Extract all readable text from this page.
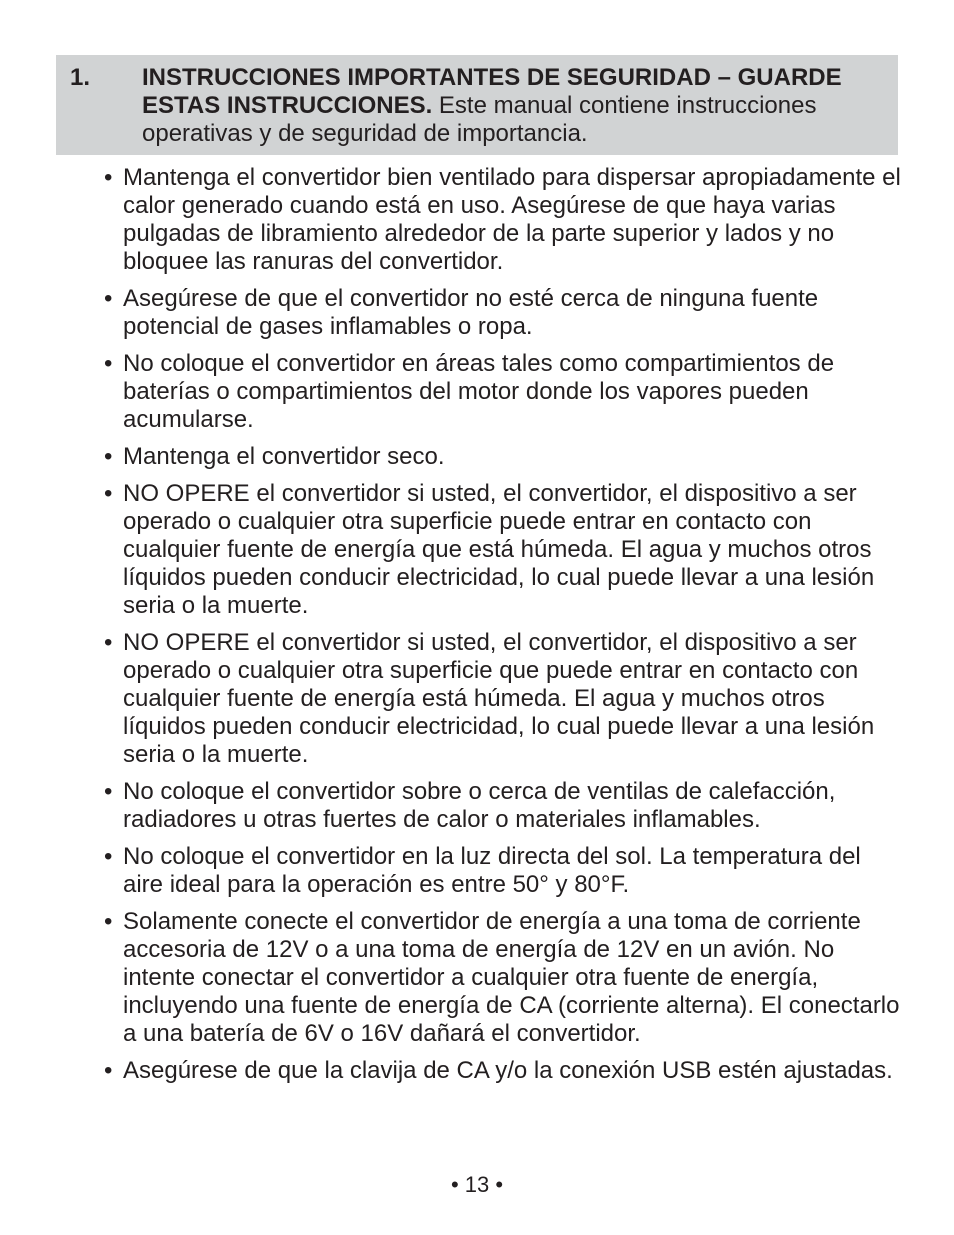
1. INSTRUCCIONES IMPORTANTES DE SEGURIDAD – GUARDE ESTAS INSTRUCCIONES. Este manual contiene instrucciones operativas y de seguridad de importancia.
• Mantenga el convertidor bien ventilado para dispersar apropiadamente el calor generado cuando está en uso. Asegúrese de que haya varias pulgadas de libramiento alrededor de la parte superior y lados y no bloquee las ranuras del convertidor.
• Asegúrese de que el convertidor no esté cerca de ninguna fuente potencial de gases inflamables o ropa.
• No coloque el convertidor en áreas tales como compartimientos de baterías o compartimientos del motor donde los vapores pueden acumularse.
• Mantenga el convertidor seco.
• NO OPERE el convertidor si usted, el convertidor, el dispositivo a ser operado o cualquier otra superficie puede entrar en contacto con cualquier fuente de energía que está húmeda. El agua y muchos otros líquidos pueden conducir electricidad, lo cual puede llevar a una lesión seria o la muerte.
• NO OPERE el convertidor si usted, el convertidor, el dispositivo a ser operado o cualquier otra superficie que puede entrar en contacto con cualquier fuente de energía está húmeda. El agua y muchos otros líquidos pueden conducir electricidad, lo cual puede llevar a una lesión seria o la muerte.
• No coloque el convertidor sobre o cerca de ventilas de calefacción, radiadores u otras fuertes de calor o materiales inflamables.
• No coloque el convertidor en la luz directa del sol. La temperatura del aire ideal para la operación es entre 50° y 80°F.
• Solamente conecte el convertidor de energía a una toma de corriente accesoria de 12V o a una toma de energía de 12V en un avión. No intente conectar el convertidor a cualquier otra fuente de energía, incluyendo una fuente de energía de CA (corriente alterna). El conectarlo a una batería de 6V o 16V dañará el convertidor.
• Asegúrese de que la clavija de CA y/o la conexión USB estén ajustadas.
• 13 •
